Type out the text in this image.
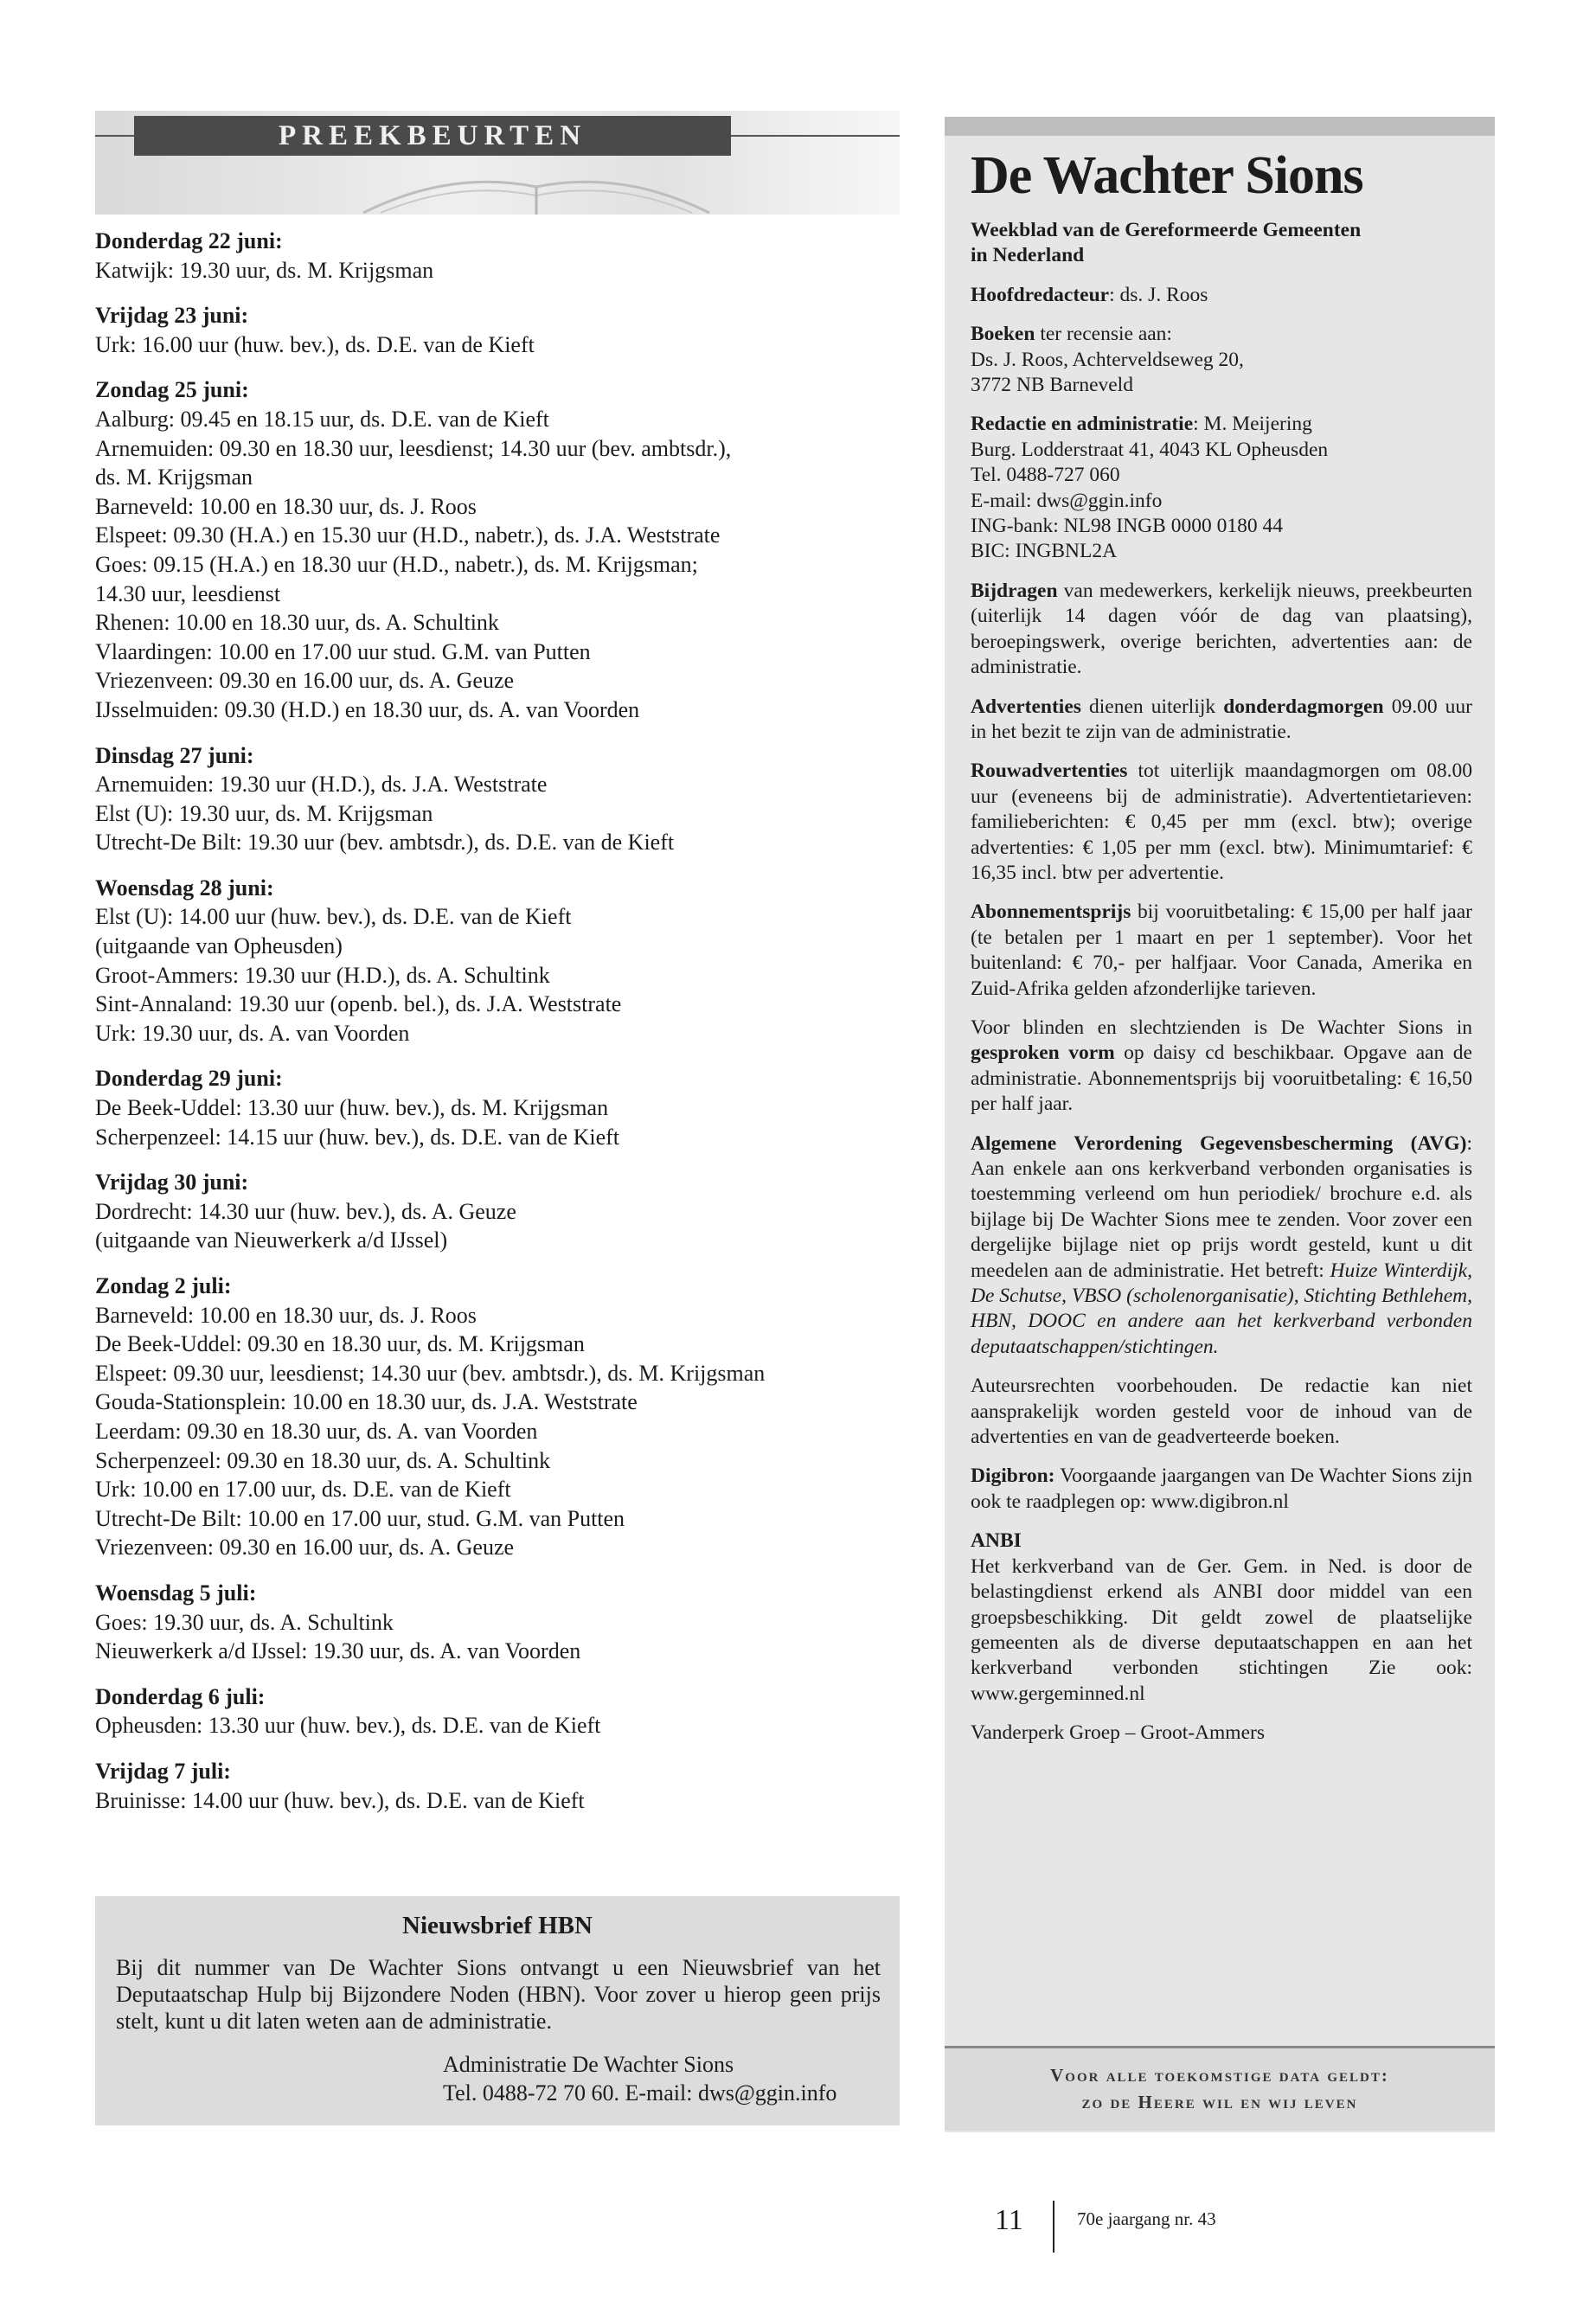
PREEKBEURTEN
Donderdag 22 juni:
Katwijk: 19.30 uur, ds. M. Krijgsman
Vrijdag 23 juni:
Urk: 16.00 uur (huw. bev.), ds. D.E. van de Kieft
Zondag 25 juni:
Aalburg: 09.45 en 18.15 uur, ds. D.E. van de Kieft
Arnemuiden: 09.30 en 18.30 uur, leesdienst; 14.30 uur (bev. ambtsdr.),
ds. M. Krijgsman
Barneveld: 10.00 en 18.30 uur, ds. J. Roos
Elspeet: 09.30 (H.A.) en 15.30 uur (H.D., nabetr.), ds. J.A. Weststrate
Goes: 09.15 (H.A.) en 18.30 uur (H.D., nabetr.), ds. M. Krijgsman;
14.30 uur, leesdienst
Rhenen: 10.00 en 18.30 uur, ds. A. Schultink
Vlaardingen: 10.00 en 17.00 uur stud. G.M. van Putten
Vriezenveen: 09.30 en 16.00 uur, ds. A. Geuze
IJsselmuiden: 09.30 (H.D.) en 18.30 uur, ds. A. van Voorden
Dinsdag 27 juni:
Arnemuiden: 19.30 uur (H.D.), ds. J.A. Weststrate
Elst (U): 19.30 uur, ds. M. Krijgsman
Utrecht-De Bilt: 19.30 uur (bev. ambtsdr.), ds. D.E. van de Kieft
Woensdag 28 juni:
Elst (U): 14.00 uur (huw. bev.), ds. D.E. van de Kieft
(uitgaande van Opheusden)
Groot-Ammers: 19.30 uur (H.D.), ds. A. Schultink
Sint-Annaland: 19.30 uur (openb. bel.), ds. J.A. Weststrate
Urk: 19.30 uur, ds. A. van Voorden
Donderdag 29 juni:
De Beek-Uddel: 13.30 uur (huw. bev.), ds. M. Krijgsman
Scherpenzeel: 14.15 uur (huw. bev.), ds. D.E. van de Kieft
Vrijdag 30 juni:
Dordrecht: 14.30 uur (huw. bev.), ds. A. Geuze
(uitgaande van Nieuwerkerk a/d IJssel)
Zondag 2 juli:
Barneveld: 10.00 en 18.30 uur, ds. J. Roos
De Beek-Uddel: 09.30 en 18.30 uur, ds. M. Krijgsman
Elspeet: 09.30 uur, leesdienst; 14.30 uur (bev. ambtsdr.), ds. M. Krijgsman
Gouda-Stationsplein: 10.00 en 18.30 uur, ds. J.A. Weststrate
Leerdam: 09.30 en 18.30 uur, ds. A. van Voorden
Scherpenzeel: 09.30 en 18.30 uur, ds. A. Schultink
Urk: 10.00 en 17.00 uur, ds. D.E. van de Kieft
Utrecht-De Bilt: 10.00 en 17.00 uur, stud. G.M. van Putten
Vriezenveen: 09.30 en 16.00 uur, ds. A. Geuze
Woensdag 5 juli:
Goes: 19.30 uur, ds. A. Schultink
Nieuwerkerk a/d IJssel: 19.30 uur, ds. A. van Voorden
Donderdag 6 juli:
Opheusden: 13.30 uur (huw. bev.), ds. D.E. van de Kieft
Vrijdag 7 juli:
Bruinisse: 14.00 uur (huw. bev.), ds. D.E. van de Kieft
Nieuwsbrief HBN
Bij dit nummer van De Wachter Sions ontvangt u een Nieuwsbrief van het Deputaatschap Hulp bij Bijzondere Noden (HBN). Voor zover u hierop geen prijs stelt, kunt u dit laten weten aan de administratie.
Administratie De Wachter Sions
Tel. 0488-72 70 60. E-mail: dws@ggin.info
De Wachter Sions

Weekblad van de Gereformeerde Gemeenten
in Nederland

Hoofdredacteur: ds. J. Roos

Boeken ter recensie aan:
Ds. J. Roos, Achterveldseweg 20,
3772 NB Barneveld

Redactie en administratie: M. Meijering
Burg. Lodderstraat 41, 4043 KL Opheusden
Tel. 0488-727 060
E-mail: dws@ggin.info
ING-bank: NL98 INGB 0000 0180 44
BIC: INGBNL2A

Bijdragen van medewerkers, kerkelijk nieuws, preekbeurten (uiterlijk 14 dagen vóór de dag van plaatsing), beroepingswerk, overige berichten, advertenties aan: de administratie.

Advertenties dienen uiterlijk donderdagmorgen 09.00 uur in het bezit te zijn van de administratie.

Rouwadvertenties tot uiterlijk maandagmorgen om 08.00 uur (eveneens bij de administratie). Advertentietarieven: familieberichten: € 0,45 per mm (excl. btw); overige advertenties: € 1,05 per mm (excl. btw). Minimumtarief: € 16,35 incl. btw per advertentie.

Abonnementsprijs bij vooruitbetaling: € 15,00 per half jaar (te betalen per 1 maart en per 1 september). Voor het buitenland: € 70,- per halfjaar. Voor Canada, Amerika en Zuid-Afrika gelden afzonderlijke tarieven.

Voor blinden en slechtzienden is De Wachter Sions in gesproken vorm op daisy cd beschikbaar. Opgave aan de administratie. Abonnementsprijs bij vooruitbetaling: € 16,50 per half jaar.

Algemene Verordening Gegevensbescherming (AVG): Aan enkele aan ons kerkverband verbonden organisaties is toestemming verleend om hun periodiek/ brochure e.d. als bijlage bij De Wachter Sions mee te zenden. Voor zover een dergelijke bijlage niet op prijs wordt gesteld, kunt u dit meedelen aan de administratie. Het betreft: Huize Winterdijk, De Schutse, VBSO (scholenorganisatie), Stichting Bethlehem, HBN, DOOC en andere aan het kerkverband verbonden deputaatschappen/stichtingen.

Auteursrechten voorbehouden. De redactie kan niet aansprakelijk worden gesteld voor de inhoud van de advertenties en van de geadverteerde boeken.

Digibron: Voorgaande jaargangen van De Wachter Sions zijn ook te raadplegen op: www.digibron.nl

ANBI
Het kerkverband van de Ger. Gem. in Ned. is door de belastingdienst erkend als ANBI door middel van een groepsbeschikking. Dit geldt zowel de plaatselijke gemeenten als de diverse deputaatschappen en aan het kerkverband verbonden stichtingen Zie ook: www.gergeminned.nl

Vanderperk Groep – Groot-Ammers

Voor alle toekomstige data geldt:
zo de Heere wil en wij leven
11	70e jaargang nr. 43
